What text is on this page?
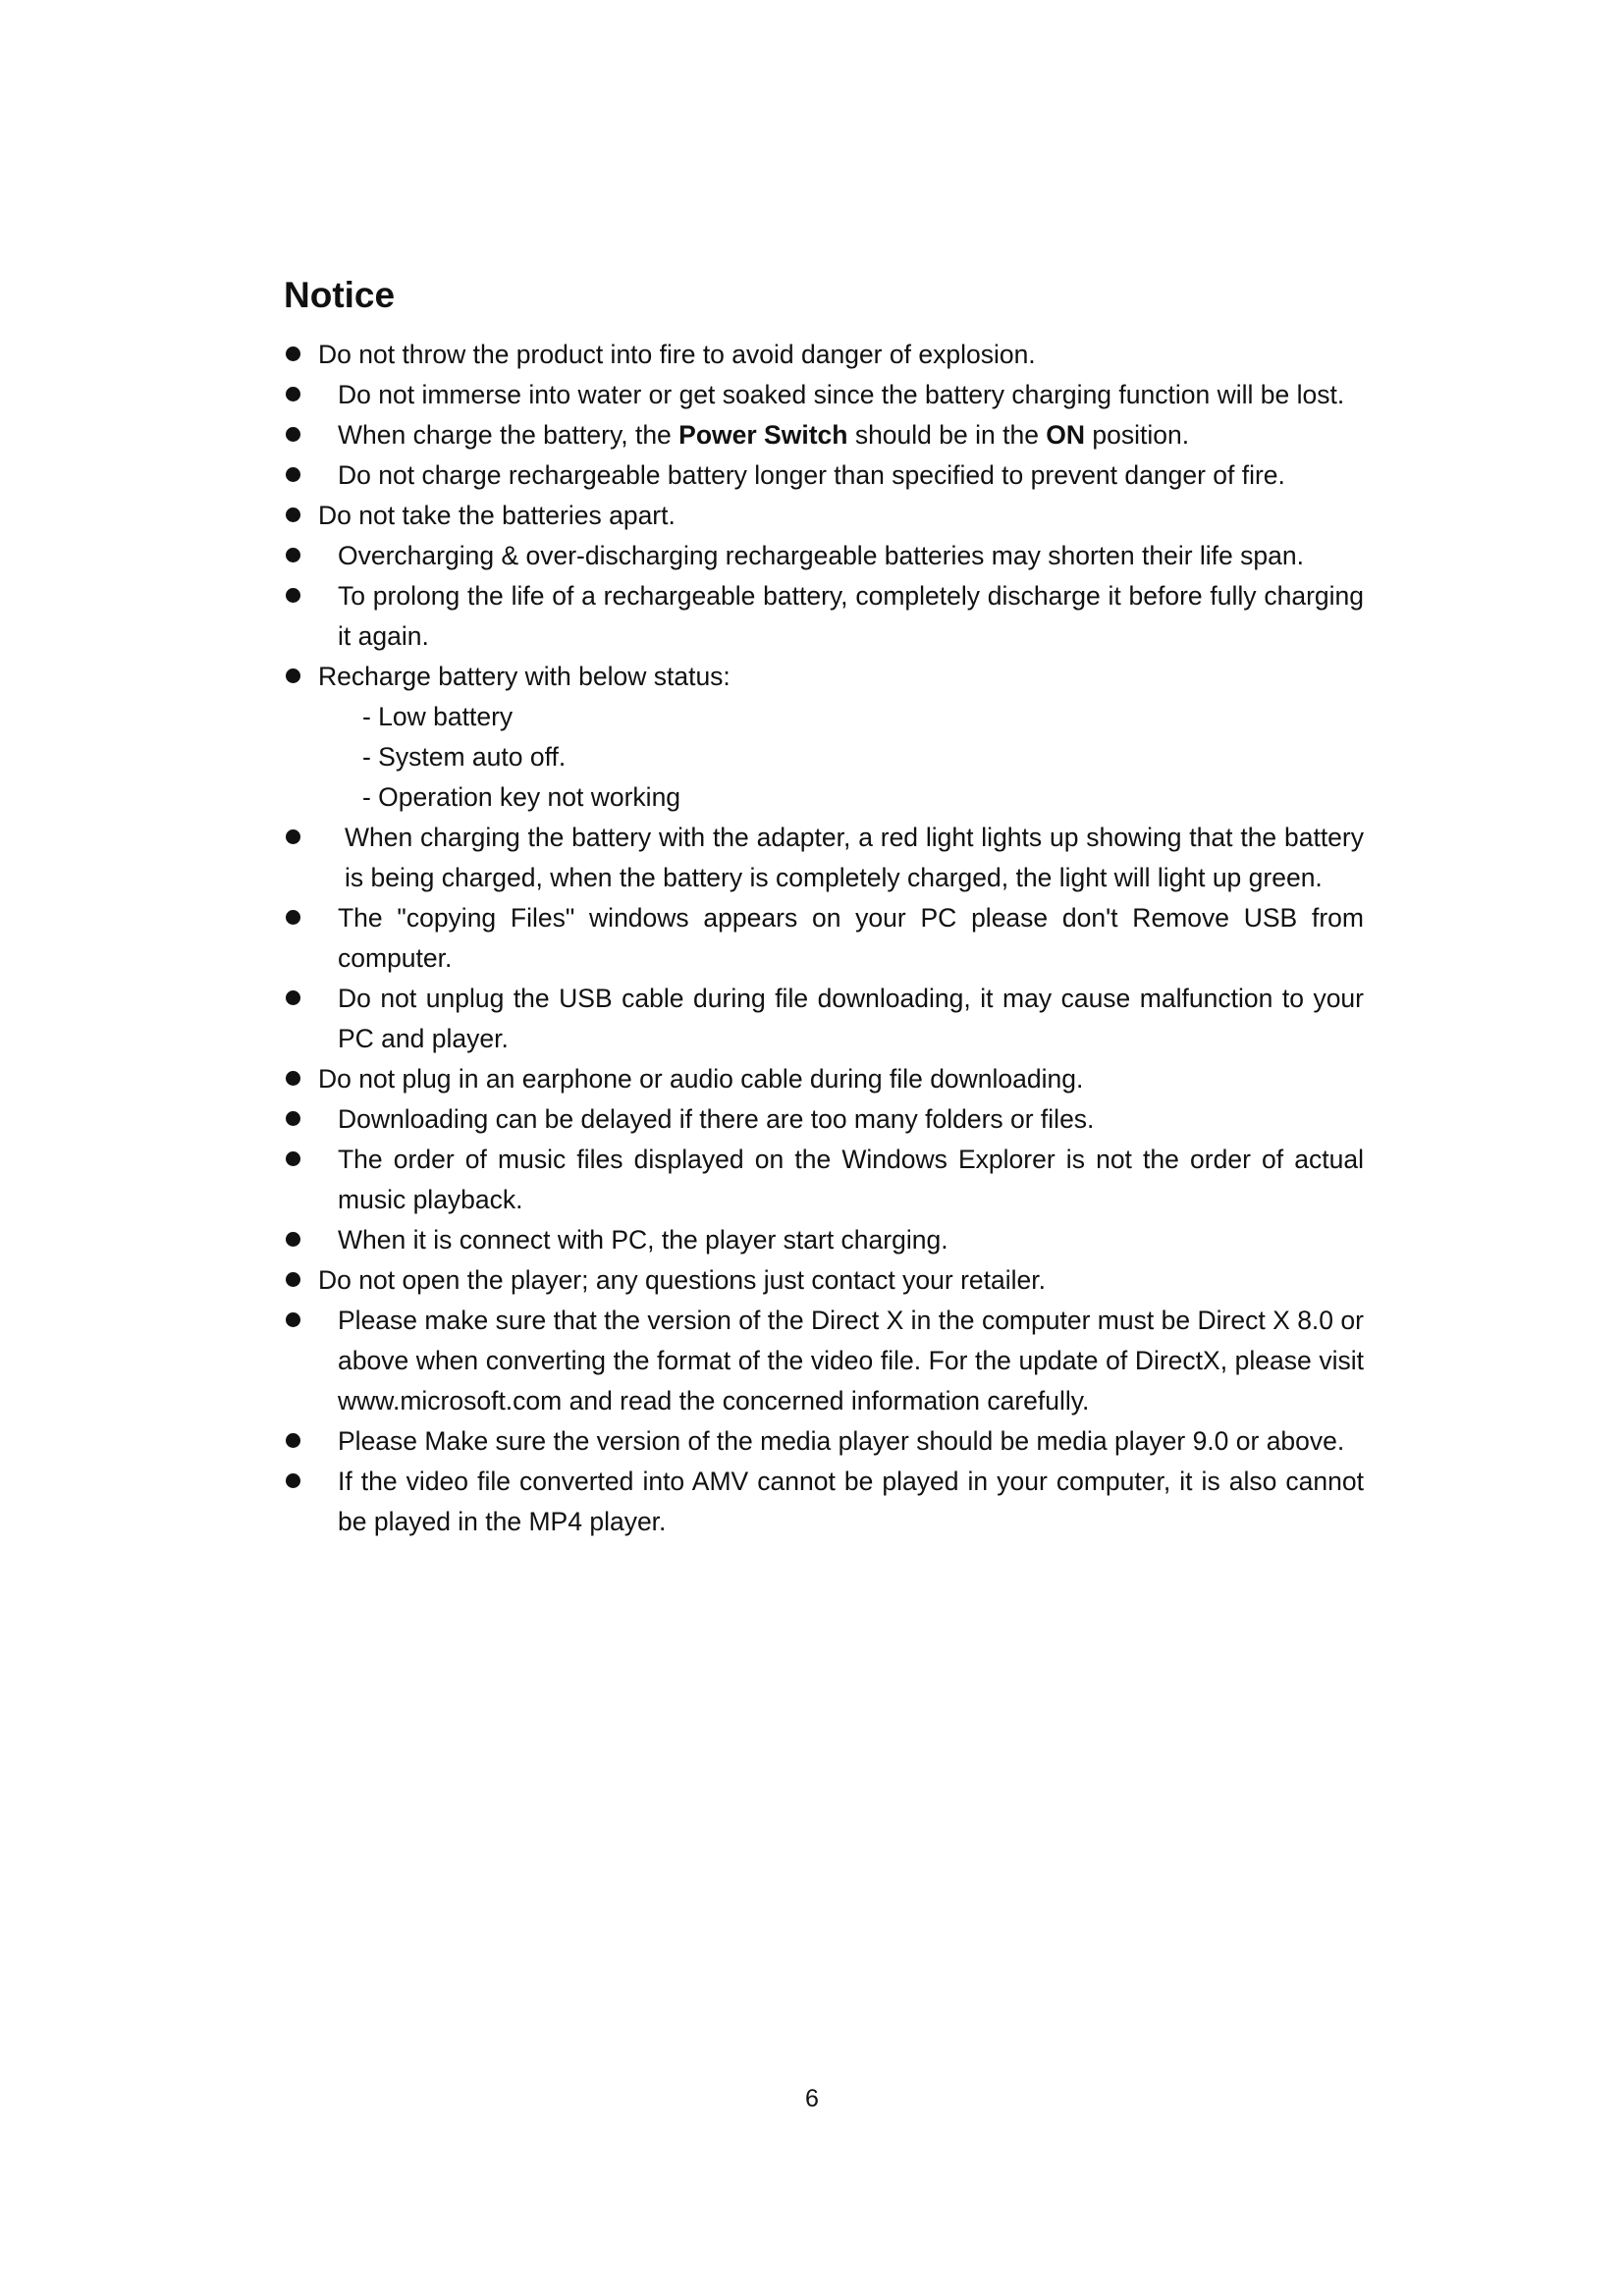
Notice
Do not throw the product into fire to avoid danger of explosion.
Do not immerse into water or get soaked since the battery charging function will be lost.
When charge the battery, the Power Switch should be in the ON position.
Do not charge rechargeable battery longer than specified to prevent danger of fire.
Do not take the batteries apart.
Overcharging & over-discharging rechargeable batteries may shorten their life span.
To prolong the life of a rechargeable battery, completely discharge it before fully charging it again.
Recharge battery with below status:
- Low battery
- System auto off.
- Operation key not working
When charging the battery with the adapter, a red light lights up showing that the battery is being charged, when the battery is completely charged, the light will light up green.
The "copying Files" windows appears on your PC please don't Remove USB from computer.
Do not unplug the USB cable during file downloading, it may cause malfunction to your PC and player.
Do not plug in an earphone or audio cable during file downloading.
Downloading can be delayed if there are too many folders or files.
The order of music files displayed on the Windows Explorer is not the order of actual music playback.
When it is connect with PC, the player start charging.
Do not open the player; any questions just contact your retailer.
Please make sure that the version of the Direct X in the computer must be Direct X 8.0 or above when converting the format of the video file. For the update of DirectX, please visit www.microsoft.com and read the concerned information carefully.
Please Make sure the version of the media player should be media player 9.0 or above.
If the video file converted into AMV cannot be played in your computer, it is also cannot be played in the MP4 player.
6
